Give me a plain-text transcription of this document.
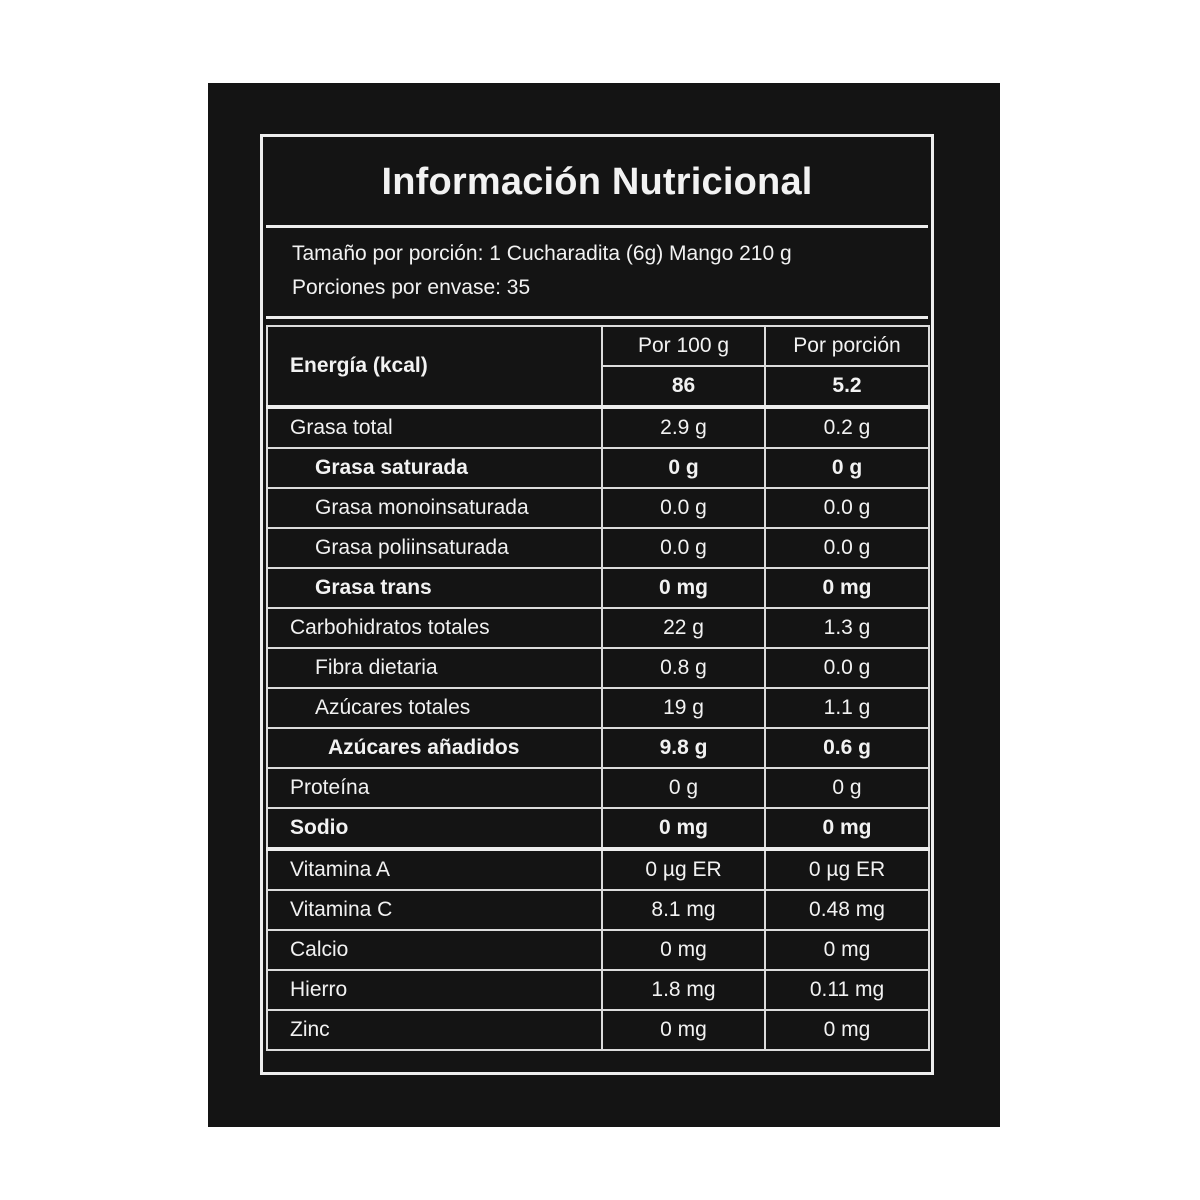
Información Nutricional
Tamaño por porción: 1 Cucharadita (6g) Mango 210 g
Porciones por envase: 35
Energía (kcal)	Por 100 g	Por porción
	86	5.2
Grasa total	2.9 g	0.2 g
Grasa saturada	0 g	0 g
Grasa monoinsaturada	0.0 g	0.0 g
Grasa poliinsaturada	0.0 g	0.0 g
Grasa trans	0 mg	0 mg
Carbohidratos totales	22 g	1.3 g
Fibra dietaria	0.8 g	0.0 g
Azúcares totales	19 g	1.1 g
Azúcares añadidos	9.8 g	0.6 g
Proteína	0 g	0 g
Sodio	0 mg	0 mg
Vitamina A	0 µg ER	0 µg ER
Vitamina C	8.1 mg	0.48 mg
Calcio	0 mg	0 mg
Hierro	1.8 mg	0.11 mg
Zinc	0 mg	0 mg
